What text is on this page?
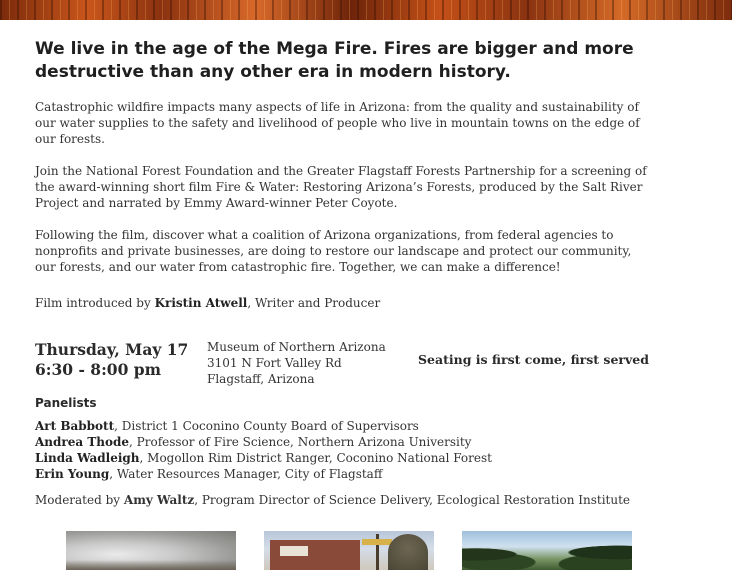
We live in the age of the Mega Fire. Fires are bigger and more destructive than any other era in modern history.

Catastrophic wildfire impacts many aspects of life in Arizona: from the quality and sustainability of our water supplies to the safety and livelihood of people who live in mountain towns on the edge of our forests.

Join the National Forest Foundation and the Greater Flagstaff Forests Partnership for a screening of the award-winning short film Fire & Water: Restoring Arizona’s Forests, produced by the Salt River Project and narrated by Emmy Award-winner Peter Coyote.

Following the film, discover what a coalition of Arizona organizations, from federal agencies to nonprofits and private businesses, are doing to restore our landscape and protect our community, our forests, and our water from catastrophic fire. Together, we can make a difference!

Film introduced by Kristin Atwell, Writer and Producer

Thursday, May 17
6:30 - 8:00 pm
Museum of Northern Arizona
3101 N Fort Valley Rd
Flagstaff, Arizona

Seating is first come, first served

Panelists

Art Babbott, District 1 Coconino County Board of Supervisors
Andrea Thode, Professor of Fire Science, Northern Arizona University
Linda Wadleigh, Mogollon Rim District Ranger, Coconino National Forest
Erin Young, Water Resources Manager, City of Flagstaff

Moderated by Amy Waltz, Program Director of Science Delivery, Ecological Restoration Institute
